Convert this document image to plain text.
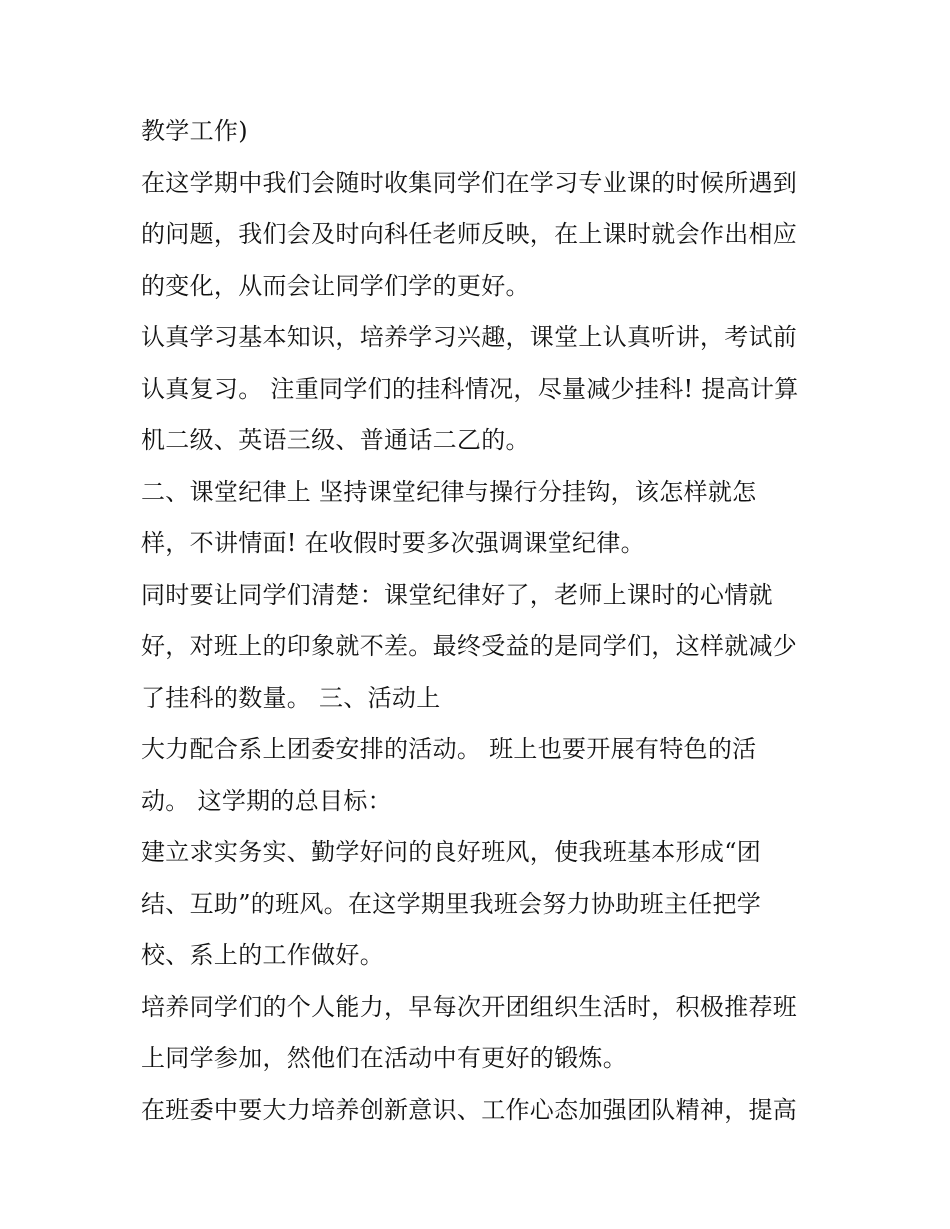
教学工作)
在这学期中我们会随时收集同学们在学习专业课的时候所遇到
的问题，我们会及时向科任老师反映，在上课时就会作出相应
的变化，从而会让同学们学的更好。
认真学习基本知识，培养学习兴趣，课堂上认真听讲，考试前
认真复习。 注重同学们的挂科情况，尽量减少挂科! 提高计算
机二级、英语三级、普通话二乙的。
二、课堂纪律上 坚持课堂纪律与操行分挂钩，该怎样就怎
样，不讲情面! 在收假时要多次强调课堂纪律。
同时要让同学们清楚：课堂纪律好了，老师上课时的心情就
好，对班上的印象就不差。最终受益的是同学们，这样就减少
了挂科的数量。 三、活动上
大力配合系上团委安排的活动。 班上也要开展有特色的活
动。 这学期的总目标：
建立求实务实、勤学好问的良好班风，使我班基本形成“团
结、互助”的班风。在这学期里我班会努力协助班主任把学
校、系上的工作做好。
培养同学们的个人能力，早每次开团组织生活时，积极推荐班
上同学参加，然他们在活动中有更好的锻炼。
在班委中要大力培养创新意识、工作心态加强团队精神，提高
